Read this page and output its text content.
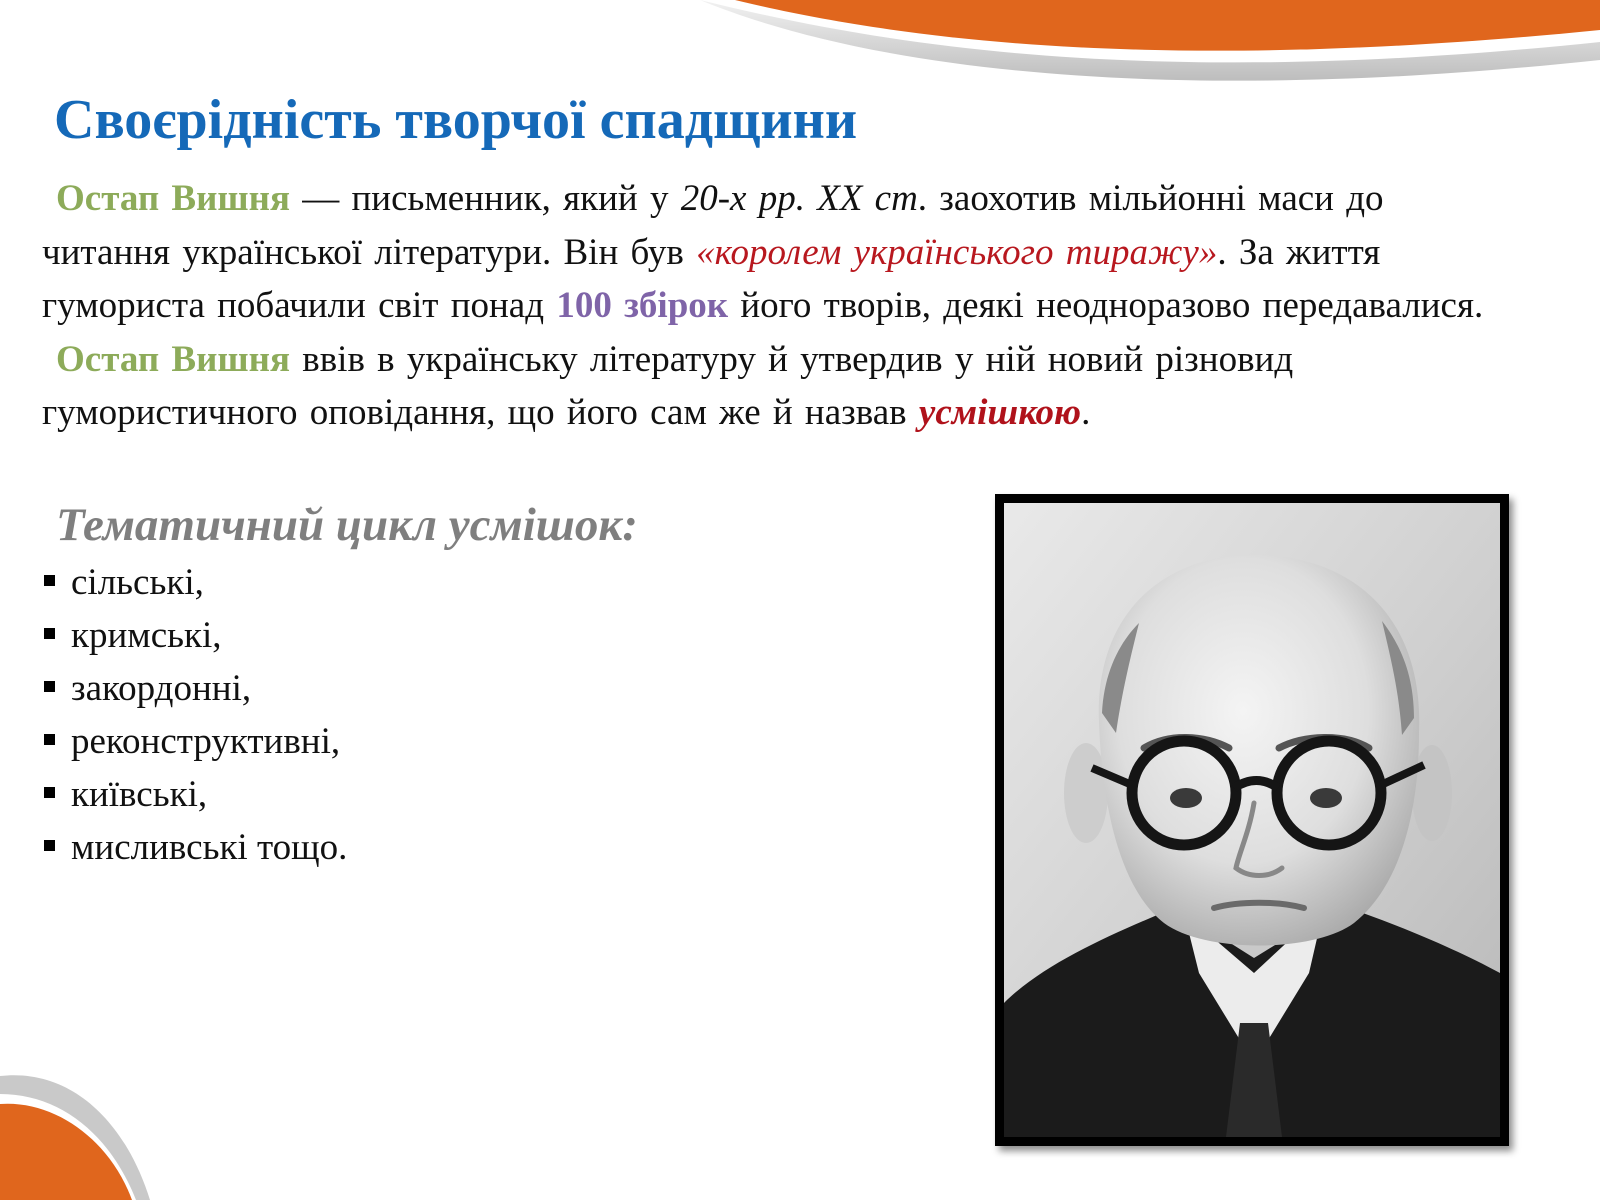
Своєрідність творчої спадщини

Остап Вишня — письменник, який у 20-х рр. ХХ ст. заохотив мільйонні маси до читання української літератури. Він був «королем українського тиражу». За життя гумориста побачили світ понад 100 збірок його творів, деякі неодноразово передавалися.

Остап Вишня ввів в українську літературу й утвердив у ній новий різновид гумористичного оповідання, що його сам же й назвав усмішкою.

Тематичний цикл усмішок:
сільські,
кримські,
закордонні,
реконструктивні,
київські,
мисливські тощо.
